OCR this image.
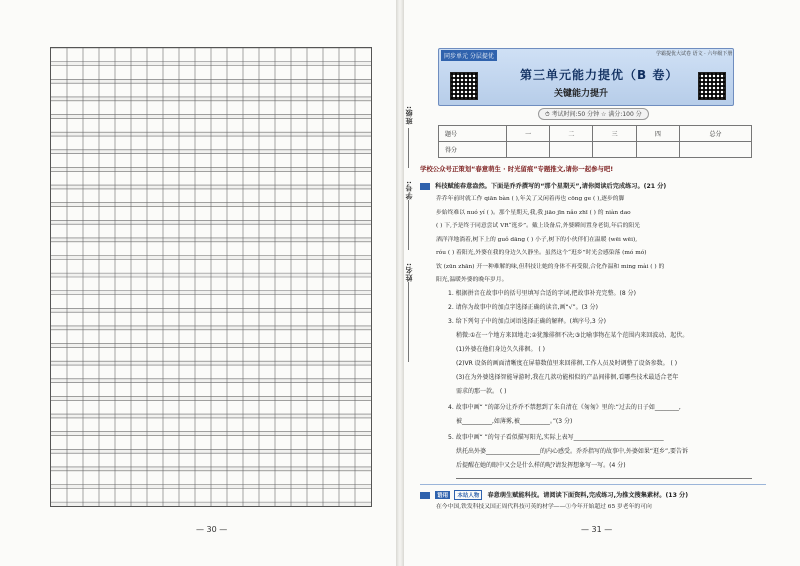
— 30 —
班级:
学号:
姓名:
同步单元 分层提优	学霸提优大试卷 语文 · 六年级下册
第三单元能力提优（B 卷）
关键能力提升
⏱ 考试时间:50 分钟 ☆ 满分:100 分
题号	一	二	三	四	总分
得分					
学校公众号正策划“春意萌生 · 时光留痕”专题推文,请你一起参与吧!
科技赋能春意盎然。下面是乔乔撰写的“那个星期天”,请你阅读后完成练习。(21 分)
乔乔年前时就工作 qiān bàn ( ),年关了又闲着再也 cōng ge ( ),逐步的脚
步始终难以 nuó yí ( )。那个星期天,我,我 jiāo jīn nǎo zhī ( ) 的 niàn dao
( ) 下,予是终于同意尝试 VR“逛乡”。戴上设备后,外婆瞬间置身老街,年后的阳光
洒洋洋地淌着,树下上的 guǒ dāng ( ) 小子,树下的小伙伴们在温暖 (wēi wēi),
róu ( ) 着阳光,外婆在我的身边久久静坐。虽然这个“逛乡”时光会感染落 (mó mó)
饮 (zūn zhān) 开一种难解的味,但科技让她的身体不再受限,合化作温和 ming mài ( ) 的
阳光,温暖外婆的晚年岁月。
1. 根据拼音在故事中的括号里填写合适的字词,把故事补充完整。(8 分)
2. 请你为故事中的加点字选择正确的读音,画“√”。(3 分)
3. 给下列句子中的加点词语选择正确的解释。(填序号,3 分)
稍微:①在一个地方来回地走;②犹豫徘徊不决;③比喻事物在某个范围内来回波动、起伏。
(1)外婆在他们身边久久徘徊。 ( )
(2)VR 设备的画面清晰度在屏幕数值里来回徘徊,工作人员及时调整了设备参数。 ( )
(3)在为外婆选择智能导游时,我在几款功能相似的产品间徘徊,看哪些技术最适合老年
需求的那一款。 ( )
4. 故事中画“ ”的部分让乔乔不禁想到了朱自清在《匆匆》里的:“过去的日子如________,
被__________,如薄雾,被__________。”(3 分)
5. 故事中画“ ”的句子看似描写阳光,实际上表写______________________________
烘托出外婆__________________的内心感受。乔乔指写的故事中,外婆如果“逛乡”,要告诉
后提醒在她的眼中又会是什么样的呢?请发挥想象写一写。(4 分)
语用 本站人物 春意萌生赋能科技。请阅读下面资料,完成练习,为推文搜集素材。(13 分)
在今中国,铁发科技又国正周代科技可英的材学——①今年开始超过 65 岁老年的可向
— 31 —
